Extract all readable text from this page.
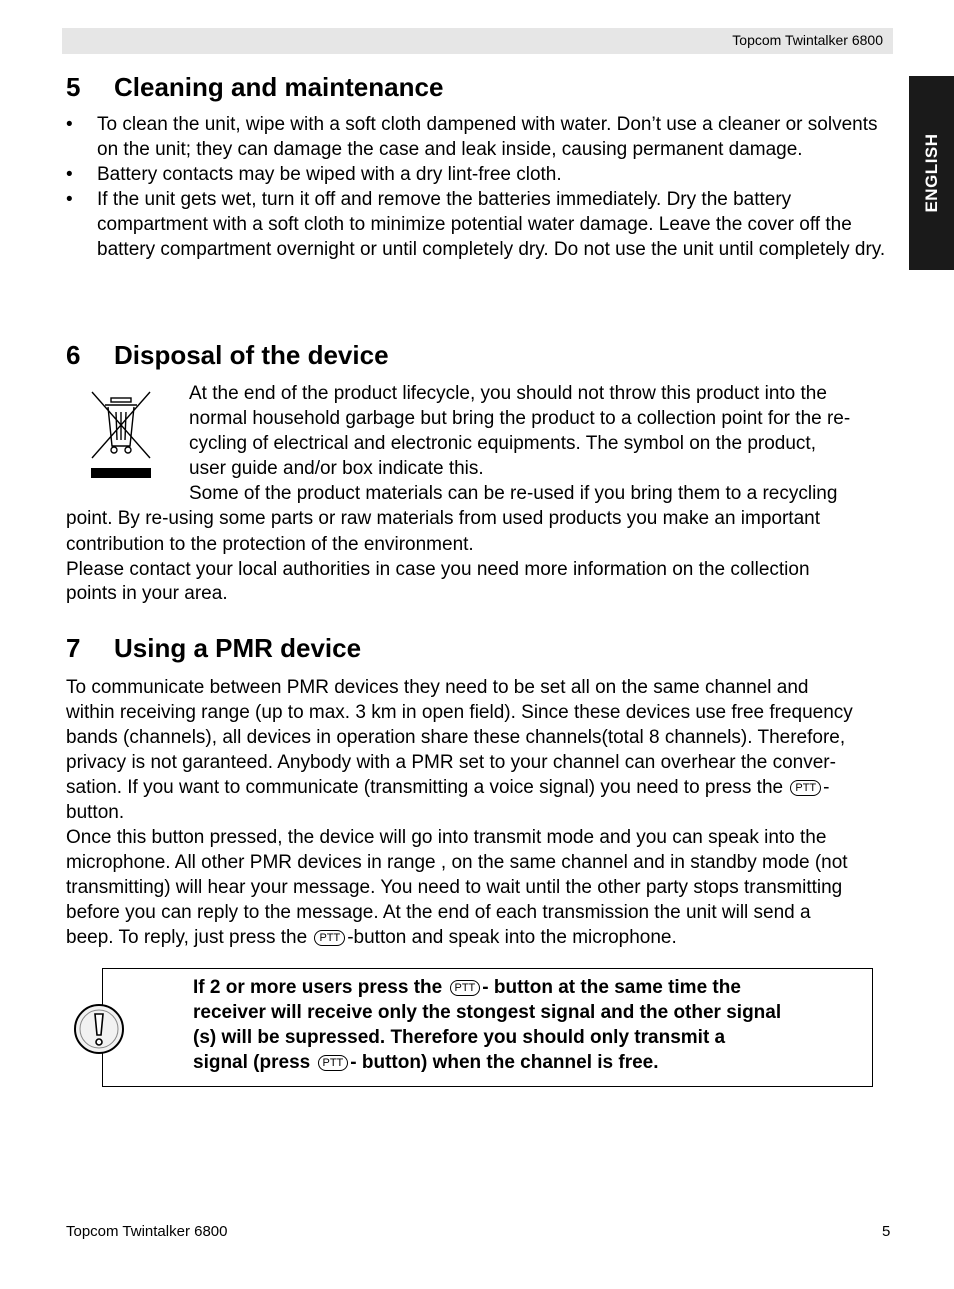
Topcom Twintalker 6800
ENGLISH
5 Cleaning and maintenance
• To clean the unit, wipe with a soft cloth dampened with water. Don’t use a cleaner or solvents on the unit; they can damage the case and leak inside, causing permanent damage.
• Battery contacts may be wiped with a dry lint-free cloth.
• If the unit gets wet, turn it off and remove the batteries immediately. Dry the battery compartment with a soft cloth to minimize potential water damage. Leave the cover off the battery compartment overnight or until completely dry. Do not use the unit until completely dry.
6 Disposal of the device

At the end of the product lifecycle, you should not throw this product into the

normal household garbage but bring the product to a collection point for the re-

cycling of electrical and electronic equipments. The symbol on the product,

user guide and/or box indicate this.

Some of the product materials can be re-used if you bring them to a recycling

point. By re-using some parts or raw materials from used products you make an important

contribution to the protection of the environment.

Please contact your local authorities in case you need more information on the collection

points in your area.

7 Using a PMR device

To communicate between PMR devices they need to be set all on the same channel and

within receiving range (up to max. 3 km in open field). Since these devices use free frequency

bands (channels), all devices in operation share these channels(total 8 channels). Therefore,

privacy is not garanteed. Anybody with a PMR set to your channel can overhear the conver-

sation. If you want to communicate (transmitting a voice signal) you need to press the PTT -

button.

Once this button pressed, the device will go into transmit mode and you can speak into the

microphone. All other PMR devices in range , on the same channel and in standby mode (not

transmitting) will hear your message. You need to wait until the other party stops transmitting

before you can reply to the message. At the end of each transmission the unit will send a

beep. To reply, just press the PTT -button and speak into the microphone.

If 2 or more users press the PTT - button at the same time the
receiver will receive only the stongest signal and the other signal
(s) will be supressed. Therefore you should only transmit a
signal (press PTT - button) when the channel is free.
Topcom Twintalker 6800	5
